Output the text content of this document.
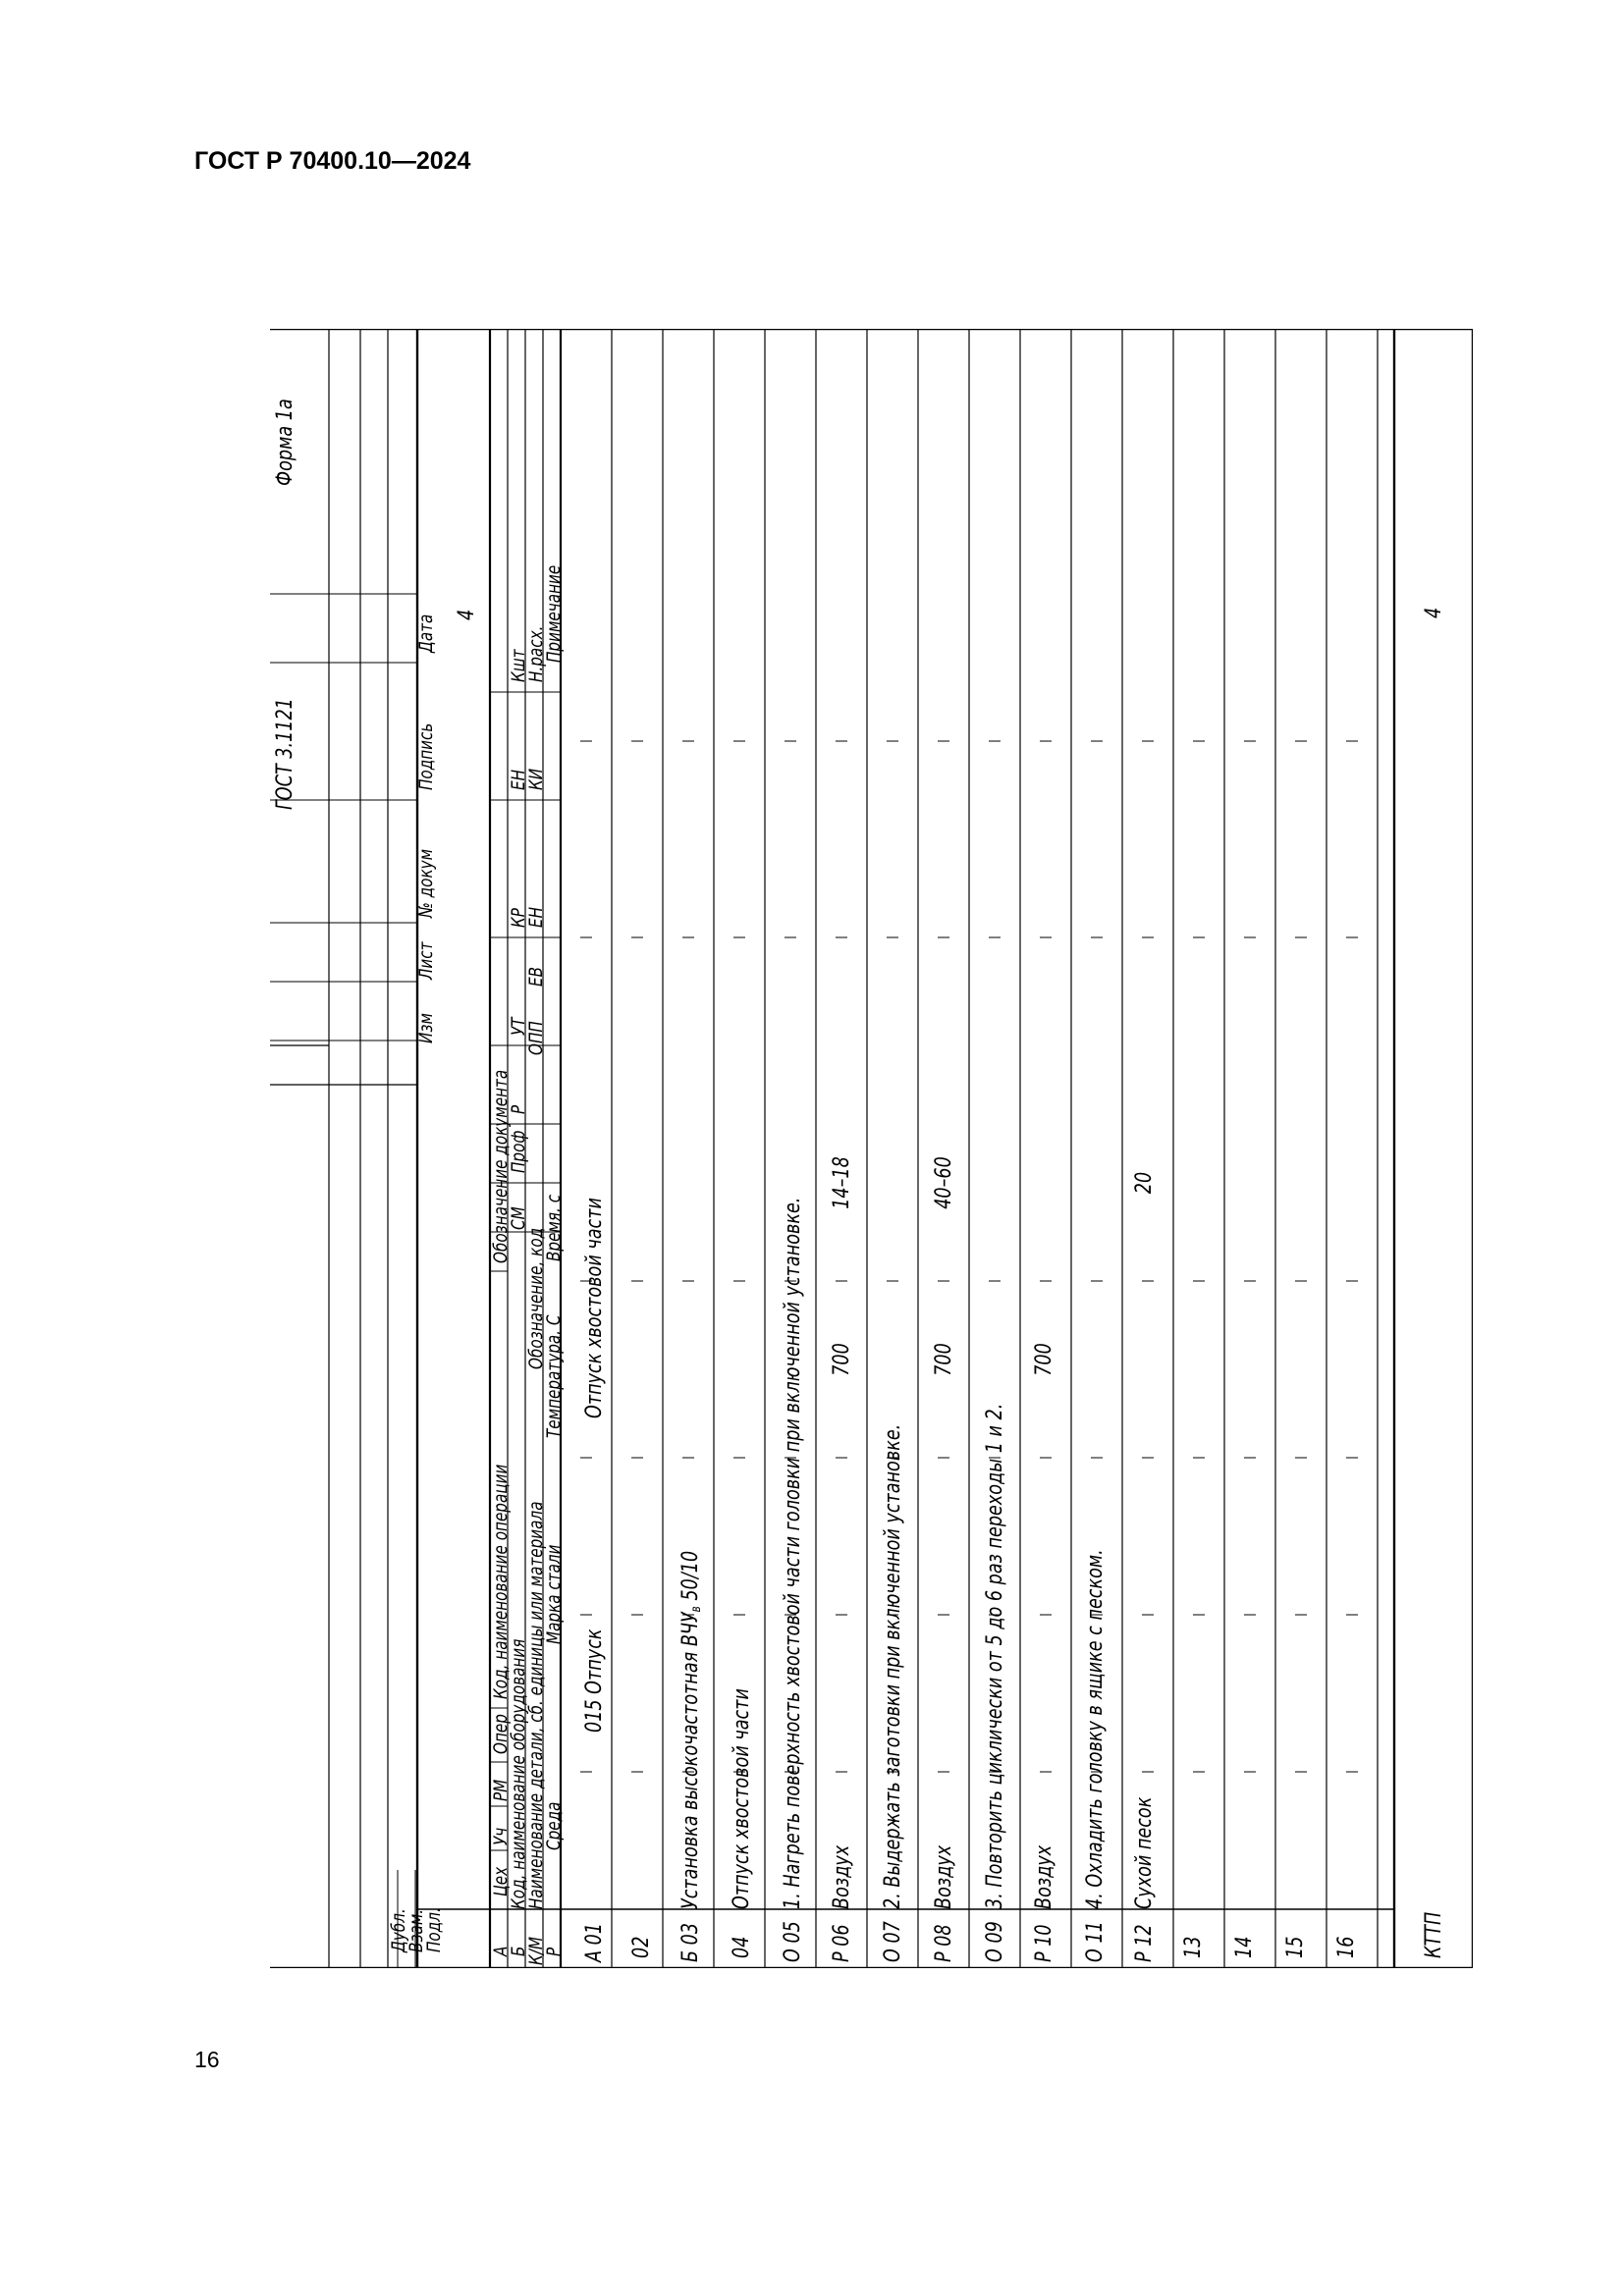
ГОСТ Р 70400.10—2024
16
ГОСТ 3.1121
Форма 1а
Изм
Лист
№ докум
Подпись
Дата 4
Дубл.
Взам.
Подл. А
Цех
Уч
РМ
Опер
Код, наименование операции
Обозначение документа
Б
Код, наименование оборудования
СМ
Проф
Р
УТ
КР
ЕН
Кшт
К/М
Наименование детали, сб. единицы или материала
Обозначение, код
ОПП
ЕВ
ЕН
КИ
Н.расх.
Р
Среда
Марка стали
Температура, С
Время, с
Примечание
А 01
015 Отпуск
Отпуск хвостовой части
02 Б 03
Установка высокочастотная $ВЧУ_в$ 50/10
04
Отпуск хвостовой части
О 05
1. Нагреть поверхность хвостовой части головки при включенной установке.
Р 06
Воздух
700
14–18
О 07
2. Выдержать заготовки при включенной установке.
Р 08
Воздух
700
40–60
О 09
3. Повторить циклически от 5 до 6 раз переходы 1 и 2.
Р 10
Воздух
700
О 11
4. Охладить головку в ящике с песком.
Р 12
Сухой песок
20
13 14 15 16	КТТП
4
